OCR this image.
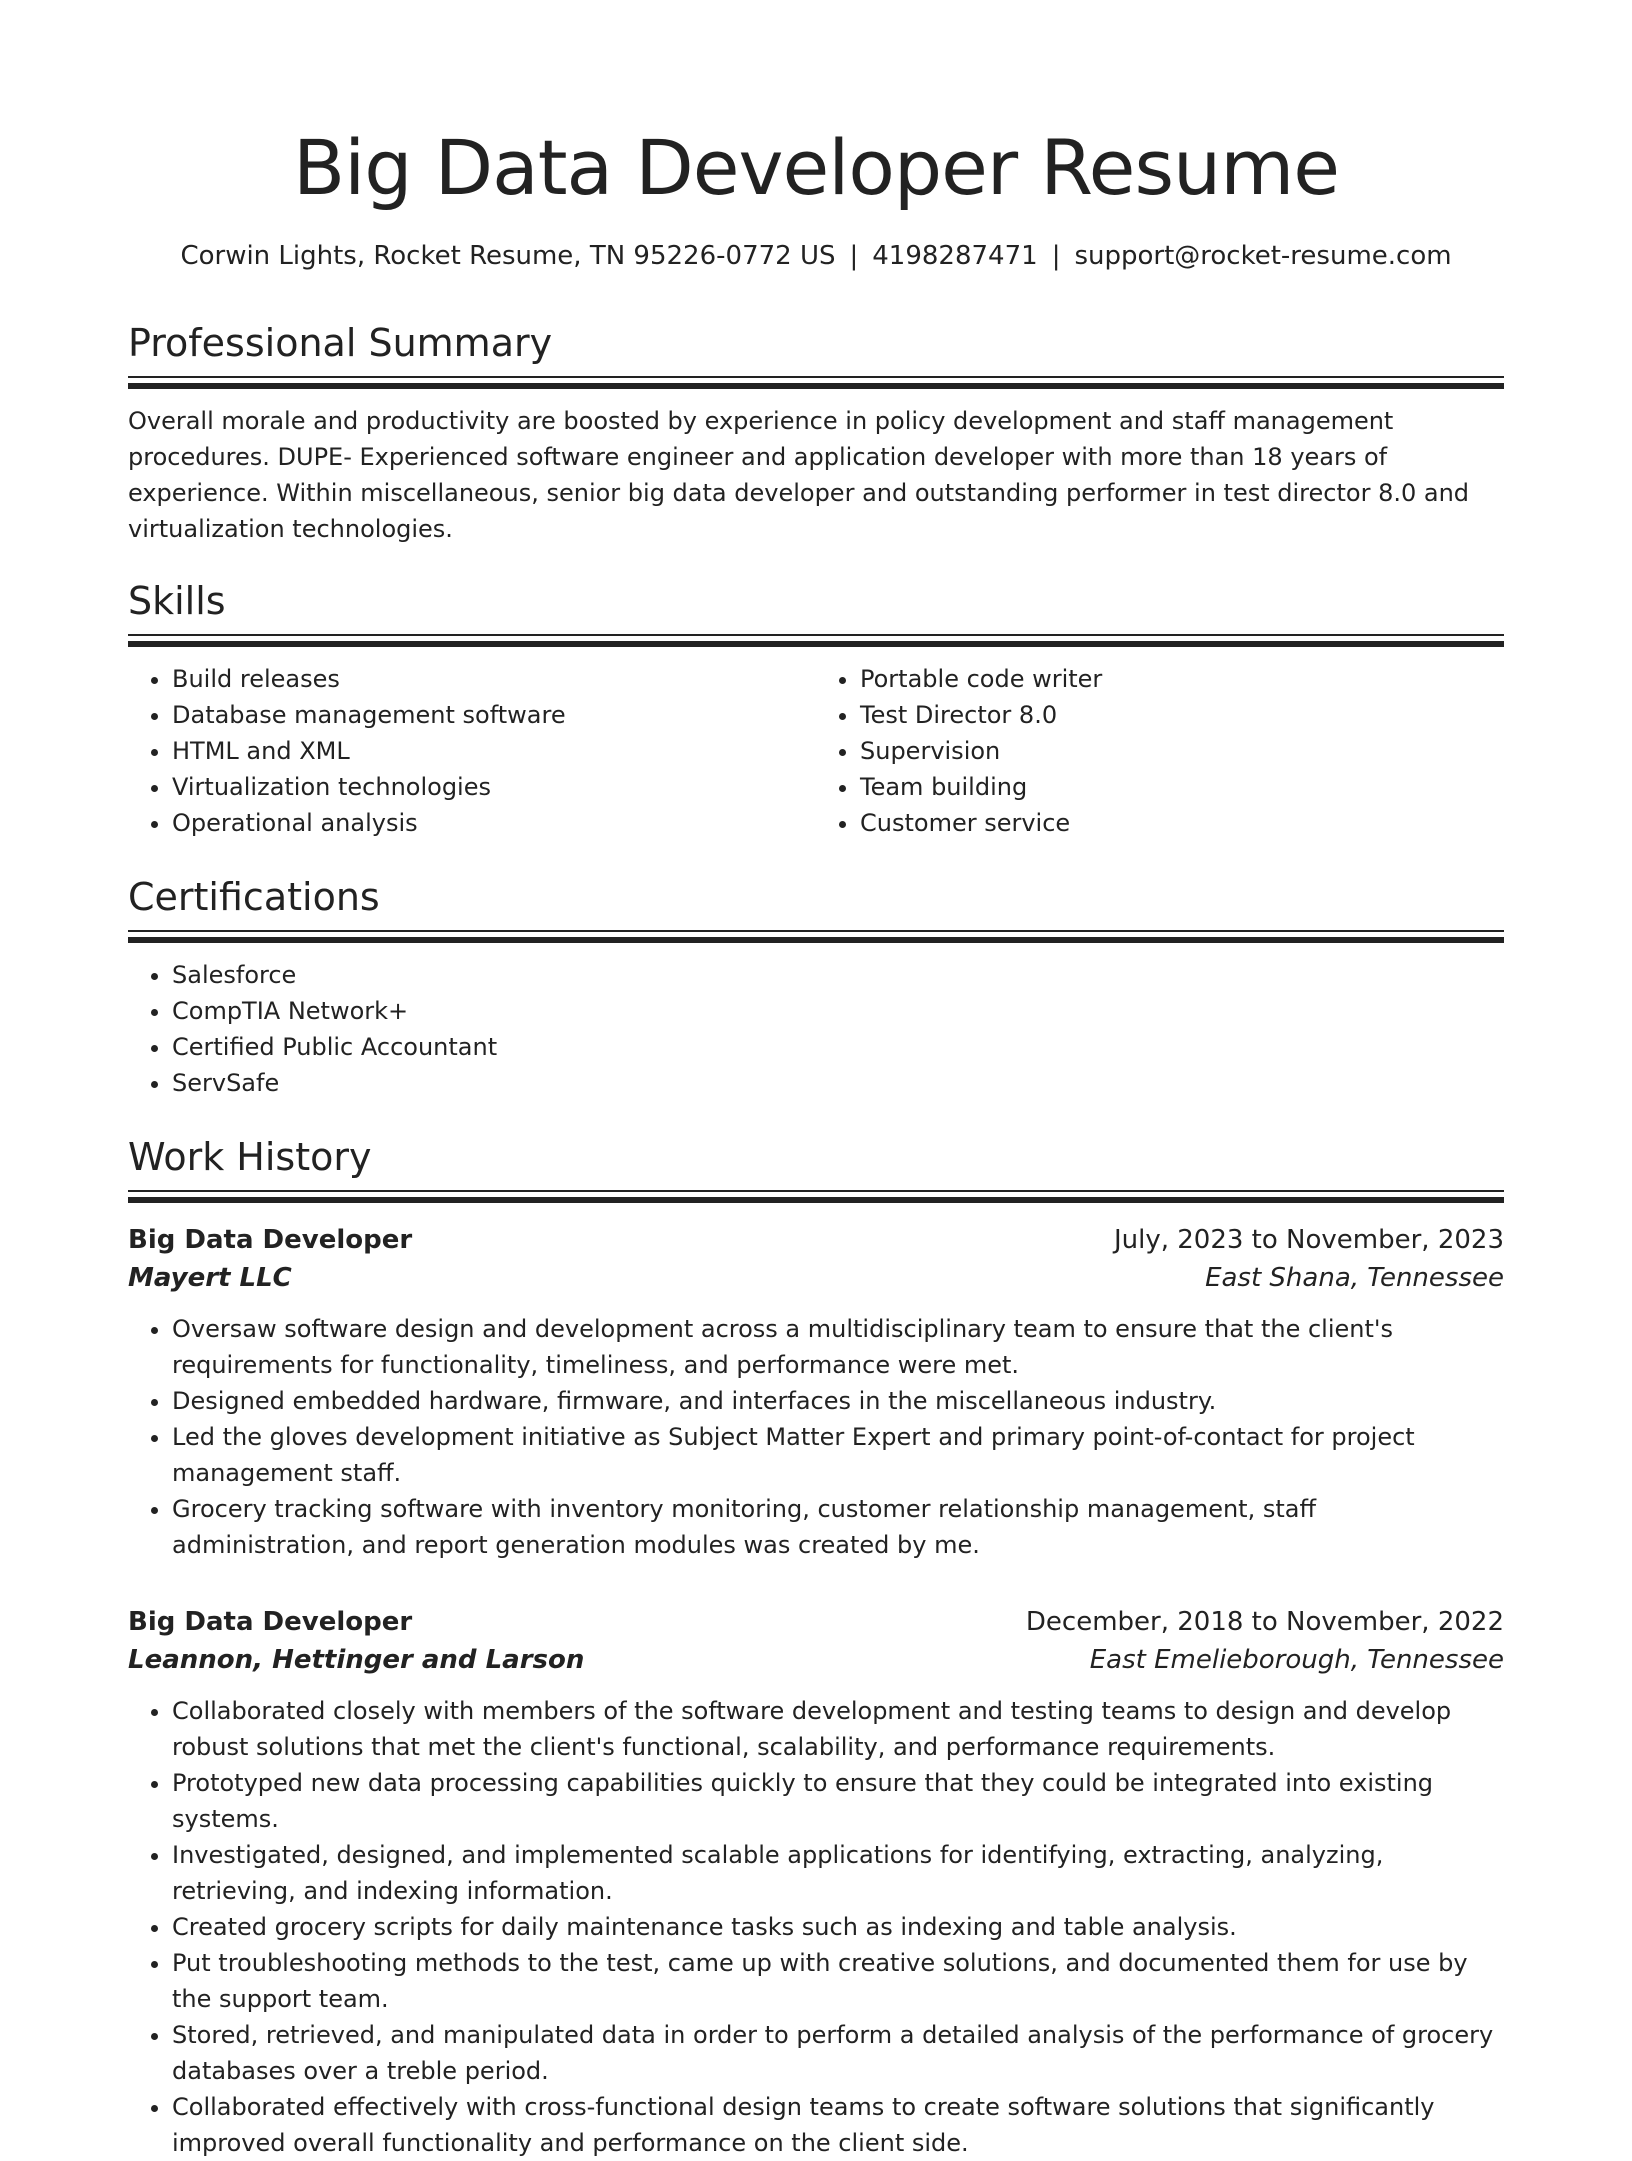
Big Data Developer Resume
Corwin Lights, Rocket Resume, TN 95226-0772 US | 4198287471 | support@rocket-resume.com
Professional Summary
Overall morale and productivity are boosted by experience in policy development and staff management procedures. DUPE- Experienced software engineer and application developer with more than 18 years of experience. Within miscellaneous, senior big data developer and outstanding performer in test director 8.0 and virtualization technologies.
Skills
• Build releases
• Database management software
• HTML and XML
• Virtualization technologies
• Operational analysis
• Portable code writer
• Test Director 8.0
• Supervision
• Team building
• Customer service
Certifications
• Salesforce
• CompTIA Network+
• Certified Public Accountant
• ServSafe
Work History
Big Data Developer	July, 2023 to November, 2023
Mayert LLC	East Shana, Tennessee
• Oversaw software design and development across a multidisciplinary team to ensure that the client's requirements for functionality, timeliness, and performance were met.
• Designed embedded hardware, firmware, and interfaces in the miscellaneous industry.
• Led the gloves development initiative as Subject Matter Expert and primary point-of-contact for project management staff.
• Grocery tracking software with inventory monitoring, customer relationship management, staff administration, and report generation modules was created by me.
Big Data Developer	December, 2018 to November, 2022
Leannon, Hettinger and Larson	East Emelieborough, Tennessee
• Collaborated closely with members of the software development and testing teams to design and develop robust solutions that met the client's functional, scalability, and performance requirements.
• Prototyped new data processing capabilities quickly to ensure that they could be integrated into existing systems.
• Investigated, designed, and implemented scalable applications for identifying, extracting, analyzing, retrieving, and indexing information.
• Created grocery scripts for daily maintenance tasks such as indexing and table analysis.
• Put troubleshooting methods to the test, came up with creative solutions, and documented them for use by the support team.
• Stored, retrieved, and manipulated data in order to perform a detailed analysis of the performance of grocery databases over a treble period.
• Collaborated effectively with cross-functional design teams to create software solutions that significantly improved overall functionality and performance on the client side.
